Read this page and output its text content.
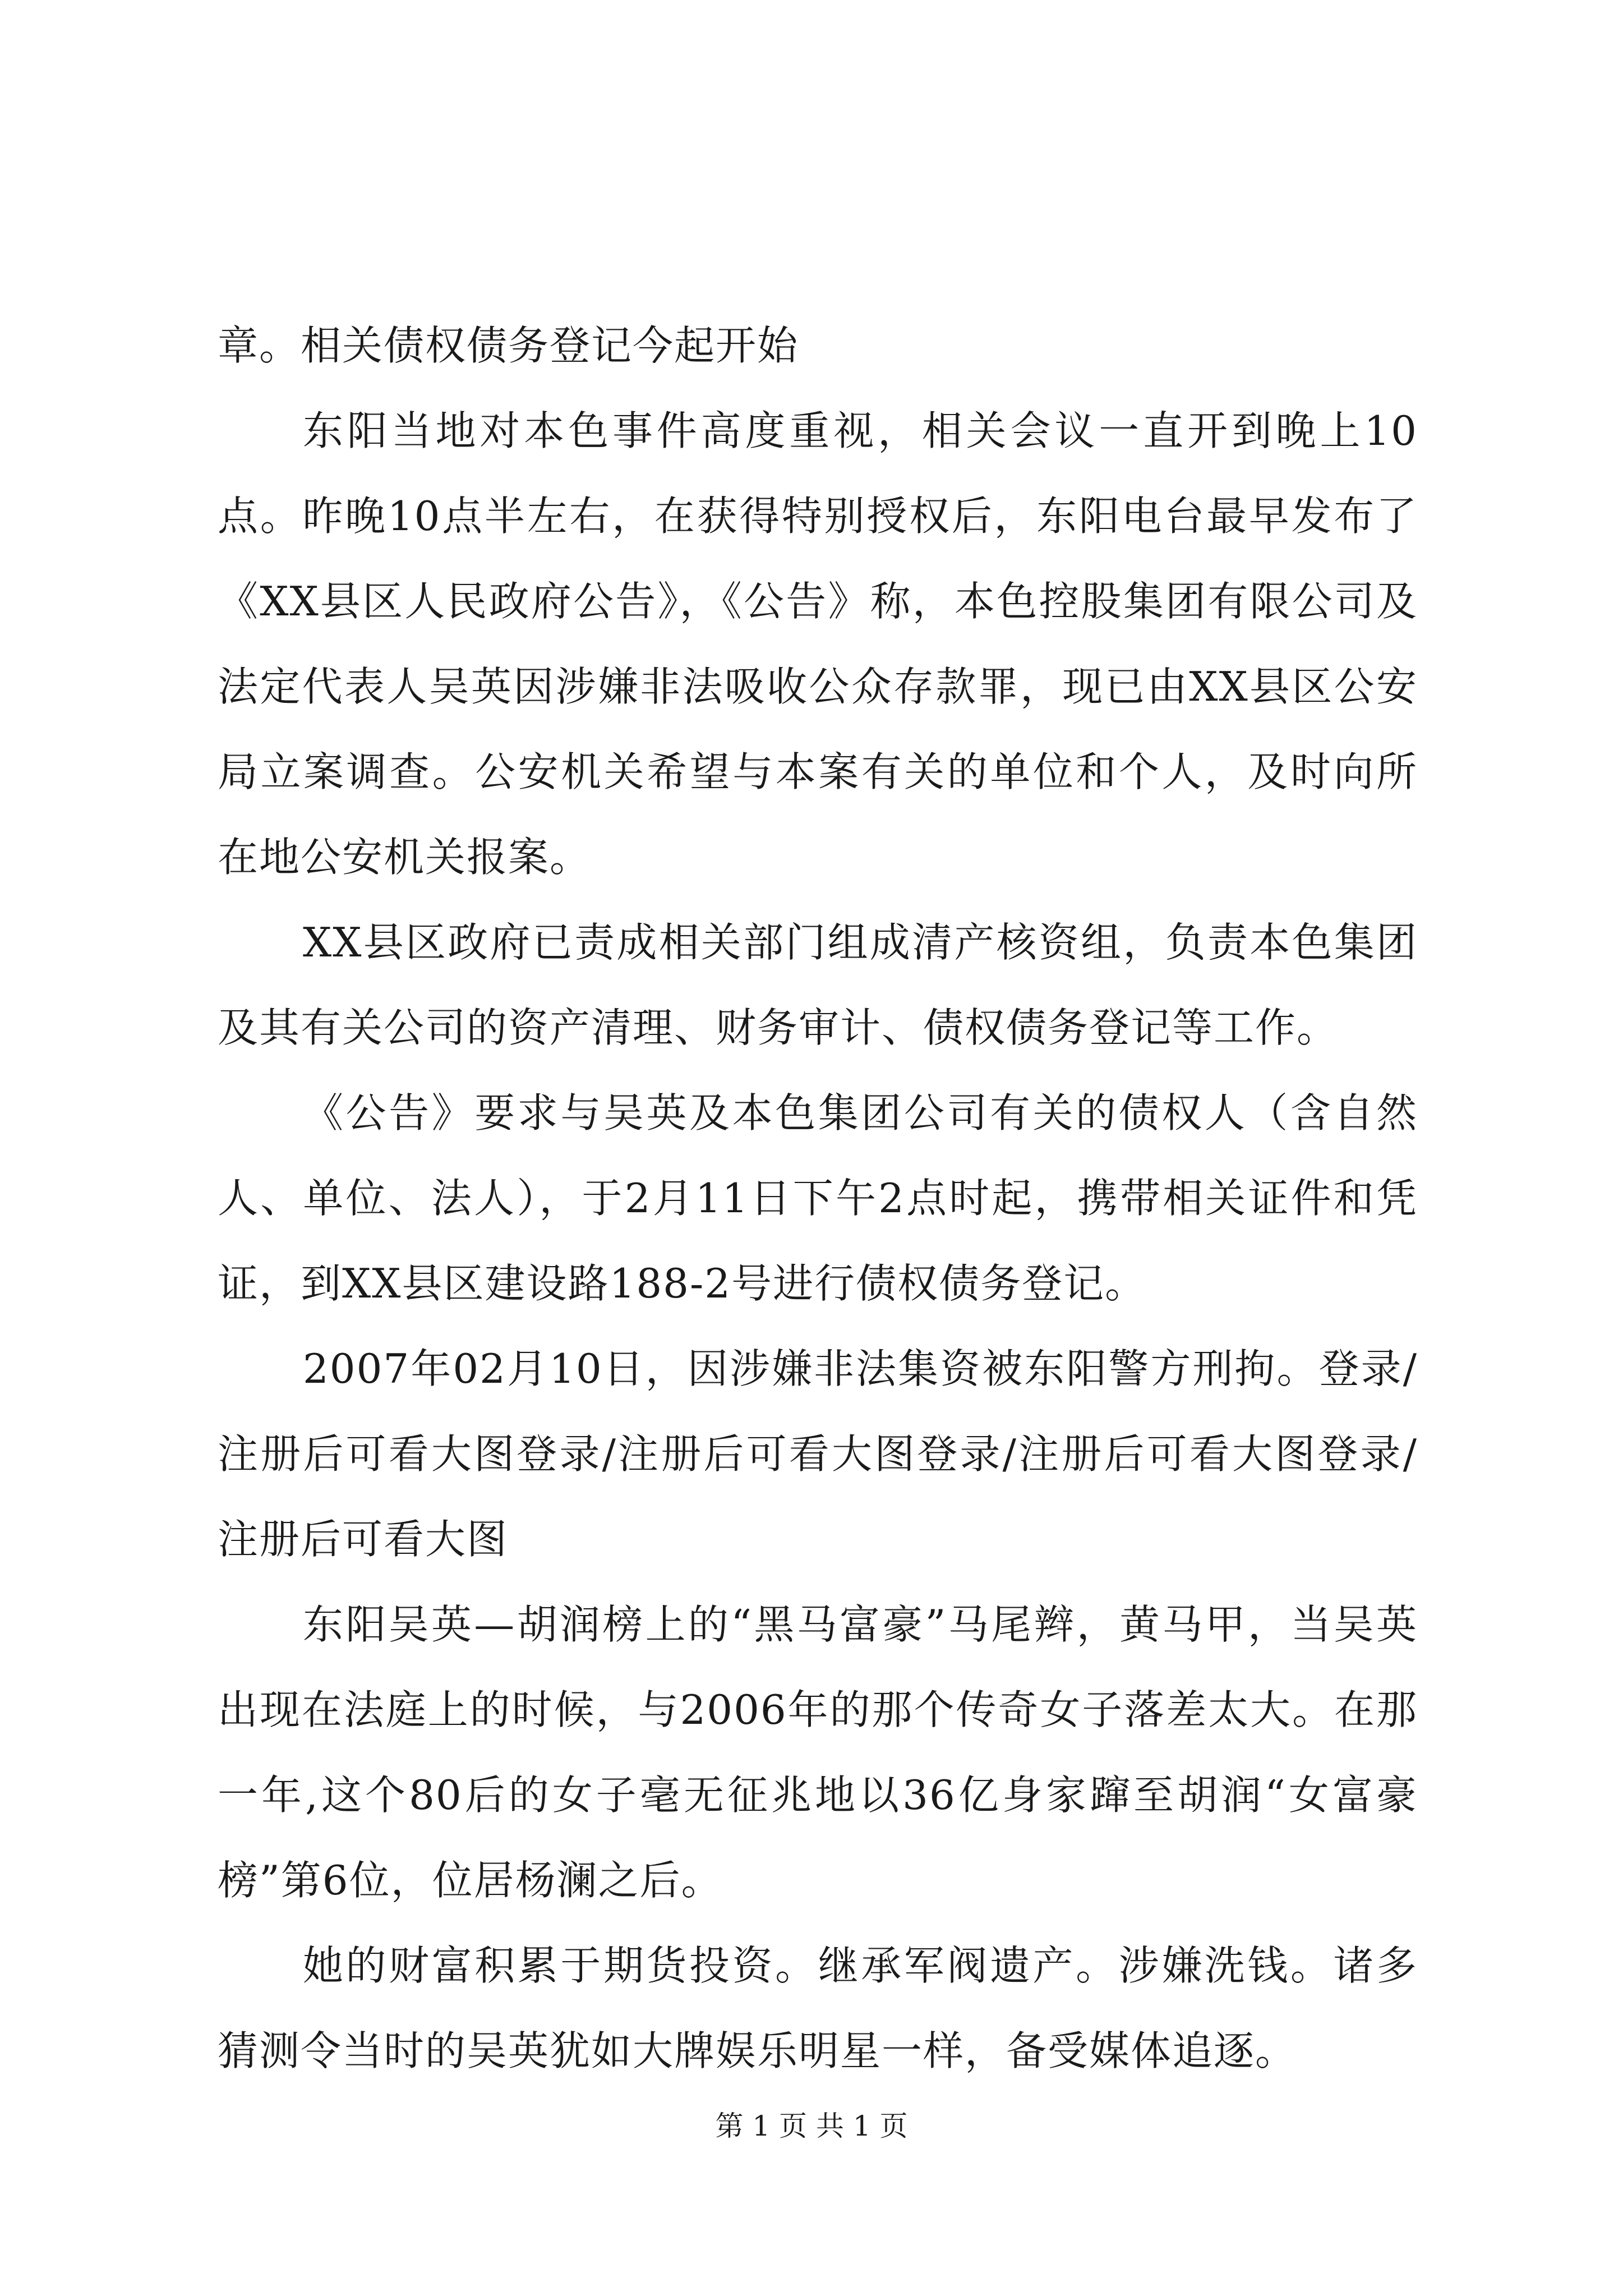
章。相关债权债务登记今起开始

东阳当地对本色事件高度重视，相关会议一直开到晚上10点。昨晚10点半左右，在获得特别授权后，东阳电台最早发布了《XX县区人民政府公告》，《公告》称，本色控股集团有限公司及法定代表人吴英因涉嫌非法吸收公众存款罪，现已由XX县区公安局立案调查。公安机关希望与本案有关的单位和个人，及时向所在地公安机关报案。

XX县区政府已责成相关部门组成清产核资组，负责本色集团及其有关公司的资产清理、财务审计、债权债务登记等工作。

《公告》要求与吴英及本色集团公司有关的债权人（含自然人、单位、法人），于2月11日下午2点时起，携带相关证件和凭证，到XX县区建设路188-2号进行债权债务登记。

2007年02月10日，因涉嫌非法集资被东阳警方刑拘。登录/注册后可看大图登录/注册后可看大图登录/注册后可看大图登录/注册后可看大图

东阳吴英—胡润榜上的“黑马富豪”马尾辫，黄马甲，当吴英出现在法庭上的时候，与2006年的那个传奇女子落差太大。在那一年,这个80后的女子毫无征兆地以36亿身家蹿至胡润“女富豪榜”第6位，位居杨澜之后。

她的财富积累于期货投资。继承军阀遗产。涉嫌洗钱。诸多猜测令当时的吴英犹如大牌娱乐明星一样，备受媒体追逐。

第 1 页 共 1 页
